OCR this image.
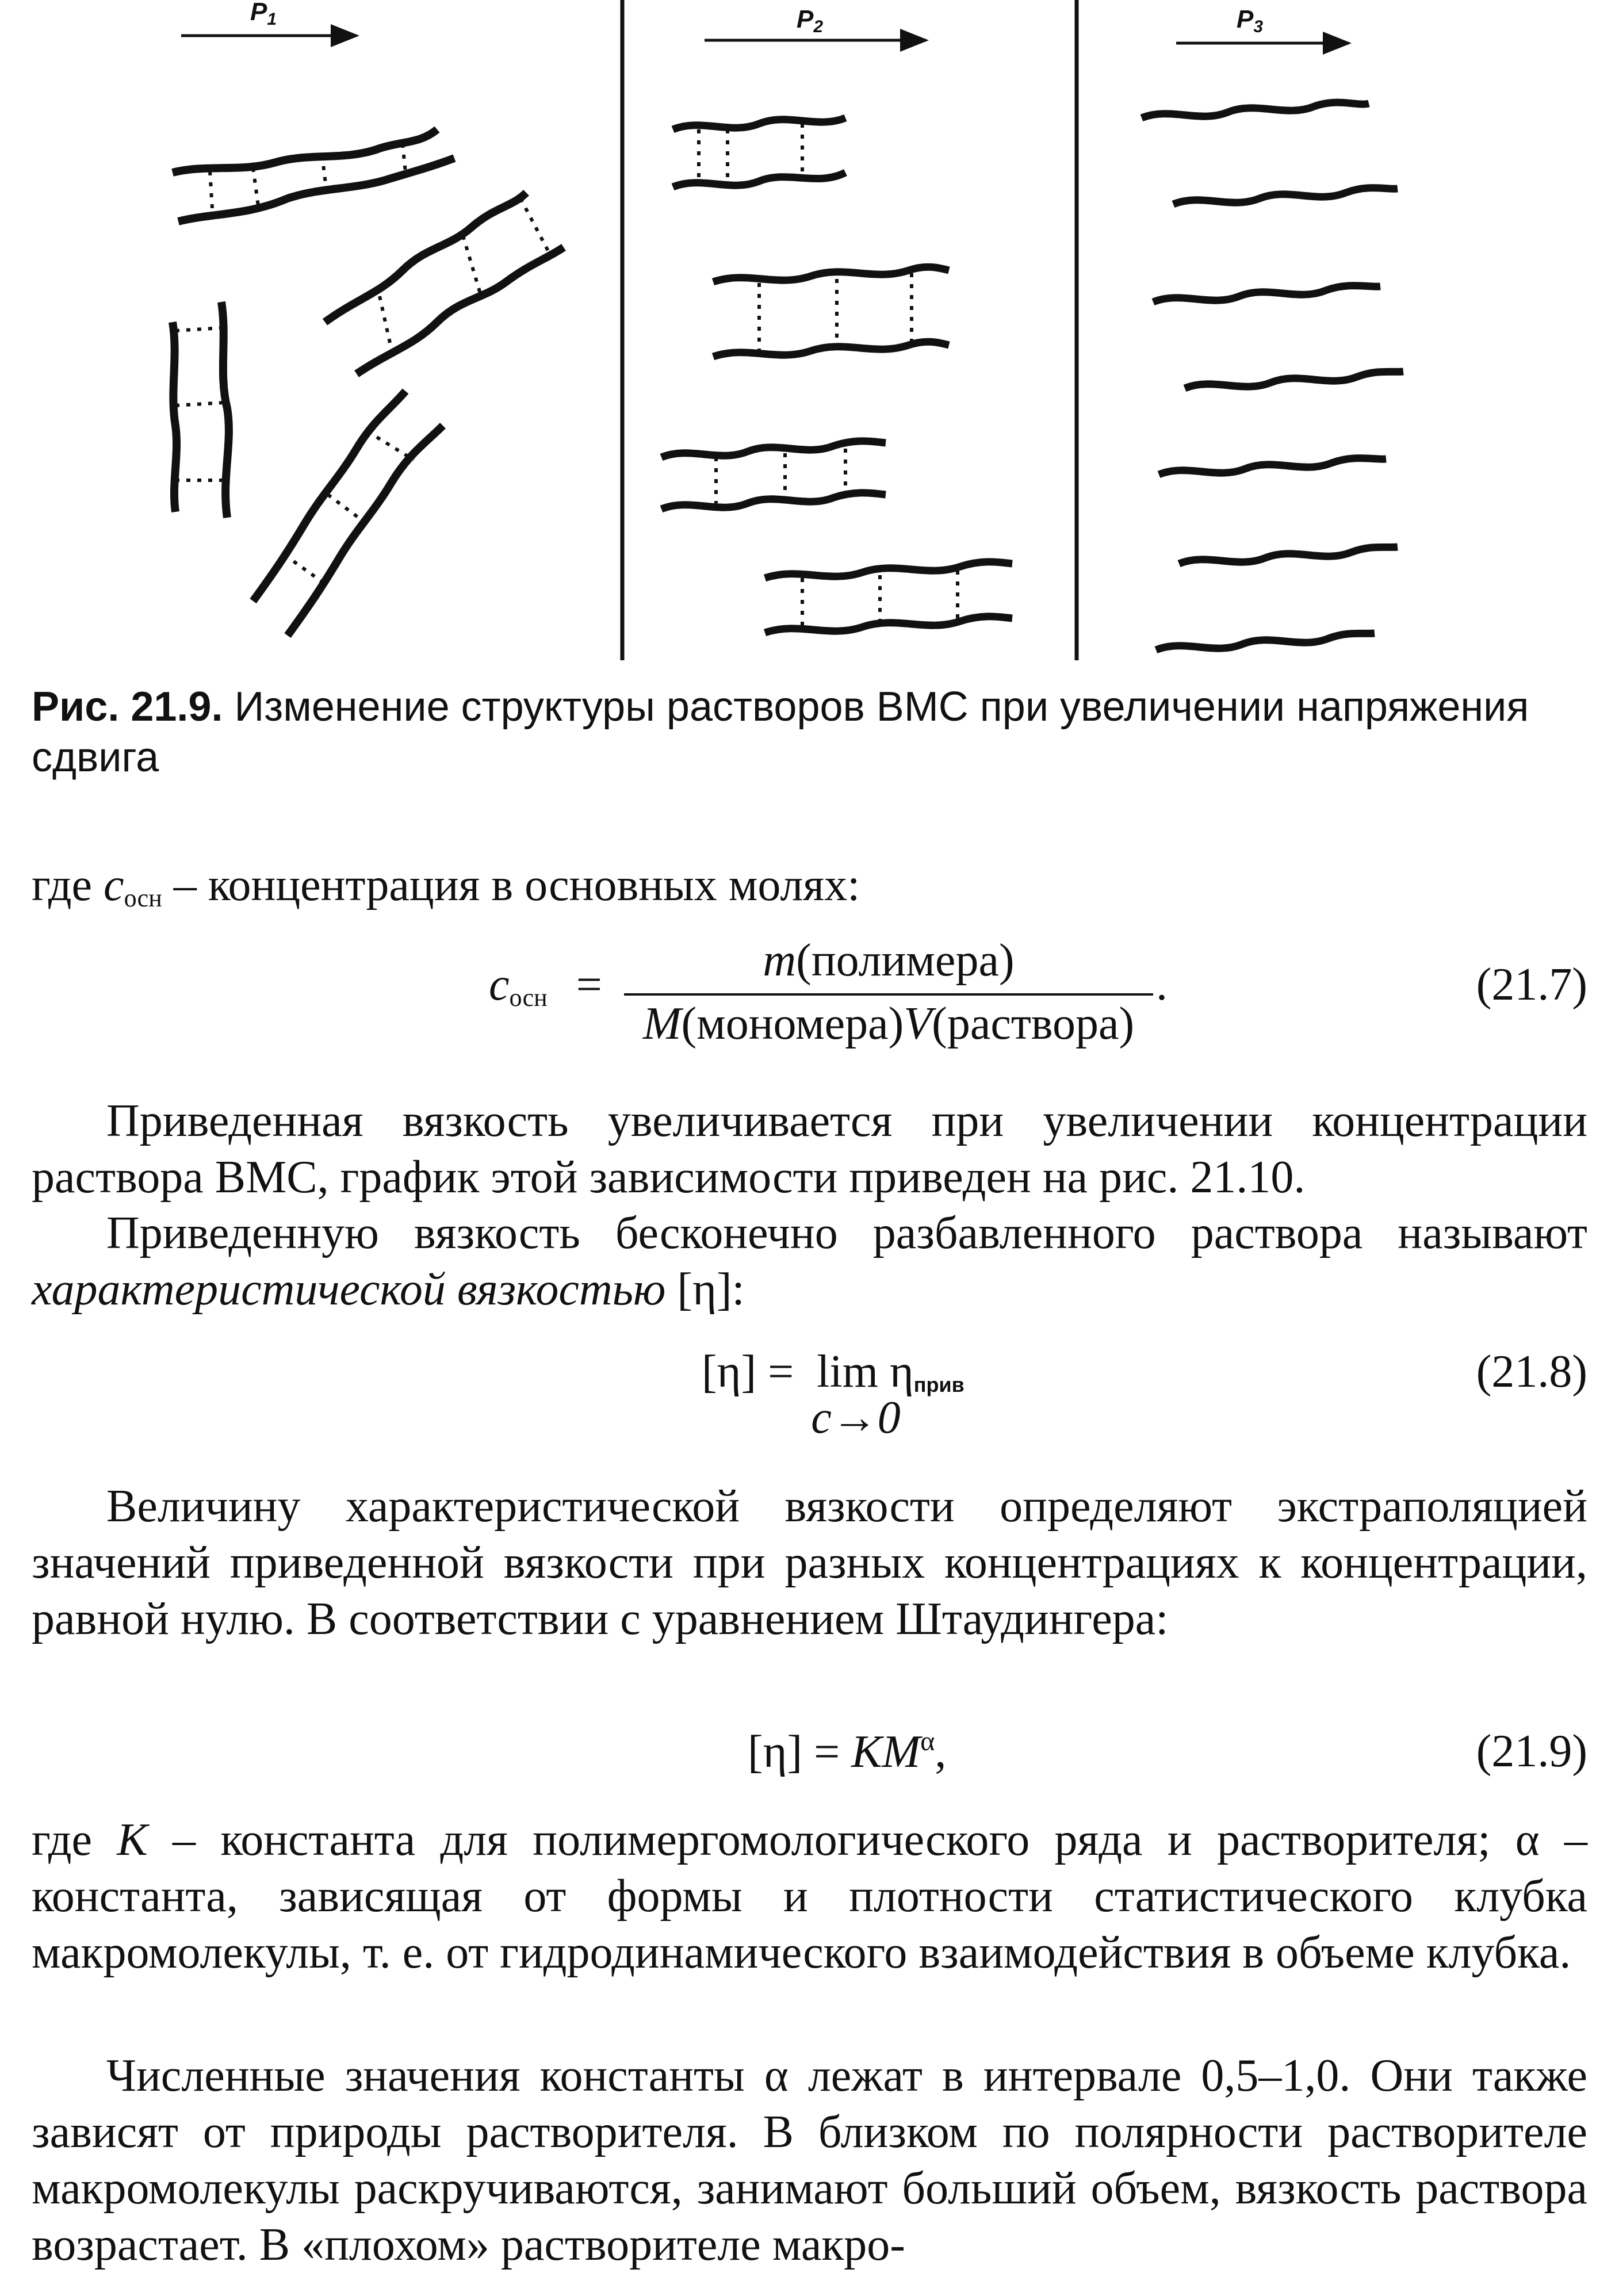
P1	P2	P3
Рис. 21.9. Изменение структуры растворов ВМС при увеличении напряжения сдвига
где $c_{осн}$ – концентрация в основных молях:
$c_{осн}$ =	m(полимера)
M(мономера)V(раствора)
.	(21.7)
Приведенная вязкость увеличивается при увеличении концентрации раствора ВМС, график этой зависимости приведен на рис. 21.10.
Приведенную вязкость бесконечно разбавленного раствора называют характеристической вязкостью [η]:
[η] = lim
c→0
$\eta_{прив}$	(21.8)
Величину характеристической вязкости определяют экстраполяцией значений приведенной вязкости при разных концентрациях к концентрации, равной нулю. В соответствии с уравнением Штаудингера:
$[\eta] = KM^\alpha$,	(21.9)
где K – константа для полимергомологического ряда и растворителя; α – константа, зависящая от формы и плотности статистического клубка макромолекулы, т. е. от гидродинамического взаимодействия в объеме клубка.
Численные значения константы α лежат в интервале 0,5–1,0. Они также зависят от природы растворителя. В близком по полярности растворителе макромолекулы раскручиваются, занимают больший объем, вязкость раствора возрастает. В «плохом» растворителе макро-
